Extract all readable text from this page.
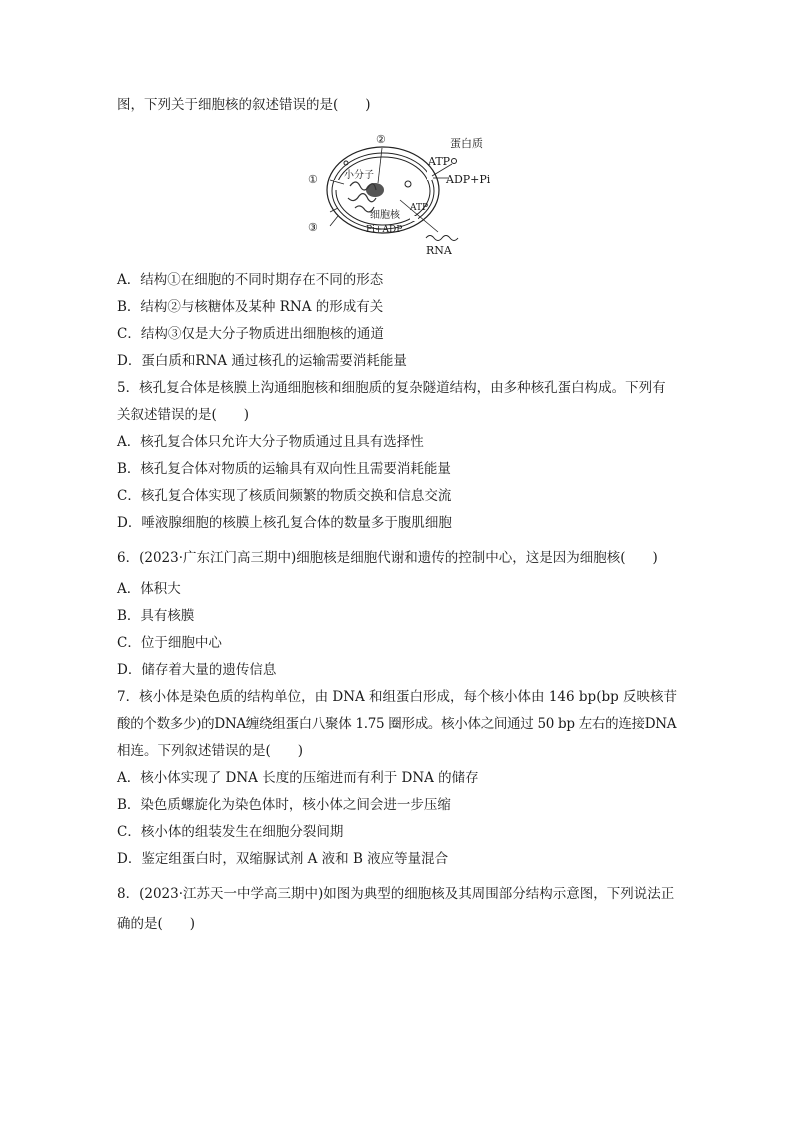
图，下列关于细胞核的叙述错误的是(　　)
①
②
③
蛋白质
ATP
ADP+Pi
小分子
细胞核
ATP
Pi+ADP
RNA
A．结构①在细胞的不同时期存在不同的形态
B．结构②与核糖体及某种 RNA 的形成有关
C．结构③仅是大分子物质进出细胞核的通道
D．蛋白质和RNA 通过核孔的运输需要消耗能量
5．核孔复合体是核膜上沟通细胞核和细胞质的复杂隧道结构，由多种核孔蛋白构成。下列有
关叙述错误的是(　　)
A．核孔复合体只允许大分子物质通过且具有选择性
B．核孔复合体对物质的运输具有双向性且需要消耗能量
C．核孔复合体实现了核质间频繁的物质交换和信息交流
D．唾液腺细胞的核膜上核孔复合体的数量多于腹肌细胞
6．(2023·广东江门高三期中)细胞核是细胞代谢和遗传的控制中心，这是因为细胞核(　　)
A．体积大
B．具有核膜
C．位于细胞中心
D．储存着大量的遗传信息
7．核小体是染色质的结构单位，由 DNA 和组蛋白形成，每个核小体由 146 bp(bp 反映核苷
酸的个数多少)的DNA缠绕组蛋白八聚体 1.75 圈形成。核小体之间通过 50 bp 左右的连接DNA
相连。下列叙述错误的是(　　)
A．核小体实现了 DNA 长度的压缩进而有利于 DNA 的储存
B．染色质螺旋化为染色体时，核小体之间会进一步压缩
C．核小体的组装发生在细胞分裂间期
D．鉴定组蛋白时，双缩脲试剂 A 液和 B 液应等量混合
8．(2023·江苏天一中学高三期中)如图为典型的细胞核及其周围部分结构示意图，下列说法正
确的是(　　)
